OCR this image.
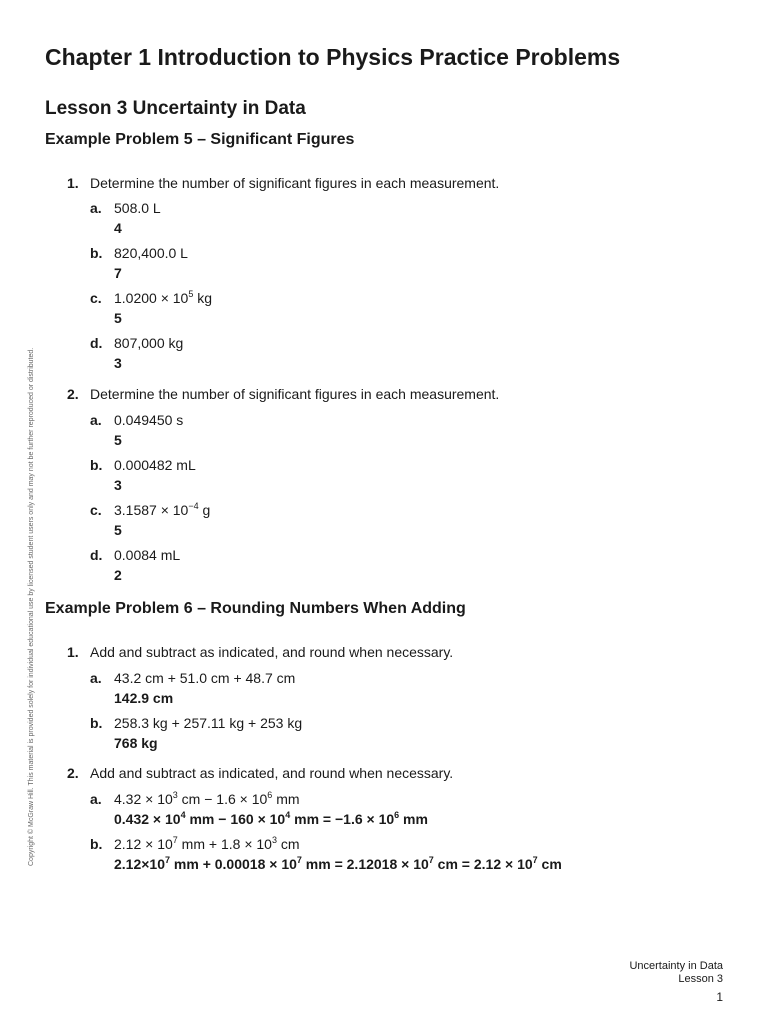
Chapter 1 Introduction to Physics Practice Problems
Lesson 3 Uncertainty in Data
Example Problem 5 – Significant Figures
1. Determine the number of significant figures in each measurement.
a. 508.0 L
4
b. 820,400.0 L
7
c. $1.0200 \times 10^5$ kg
5
d. 807,000 kg
3
2. Determine the number of significant figures in each measurement.
a. 0.049450 s
5
b. 0.000482 mL
3
c. $3.1587 \times 10^{-4}$ g
5
d. 0.0084 mL
2
Example Problem 6 – Rounding Numbers When Adding
1. Add and subtract as indicated, and round when necessary.
a. 43.2 cm + 51.0 cm + 48.7 cm
142.9 cm
b. 258.3 kg + 257.11 kg + 253 kg
768 kg
2. Add and subtract as indicated, and round when necessary.
a. $4.32 \times 10^3$ cm − $1.6 \times 10^6$ mm
$0.432 \times 10^4$ mm − $160 \times 10^4$ mm = $-1.6 \times 10^6$ mm
b. $2.12 \times 10^7$ mm + $1.8 \times 10^3$ cm
$2.12\times 10^7$ mm + $0.00018 \times 10^7$ mm = $2.12018 \times 10^7$ cm = $2.12 \times 10^7$ cm
Copyright © McGraw Hill. This material is provided solely for individual educational use by licensed student users only and may not be further reproduced or distributed.
Uncertainty in Data
Lesson 3
1
